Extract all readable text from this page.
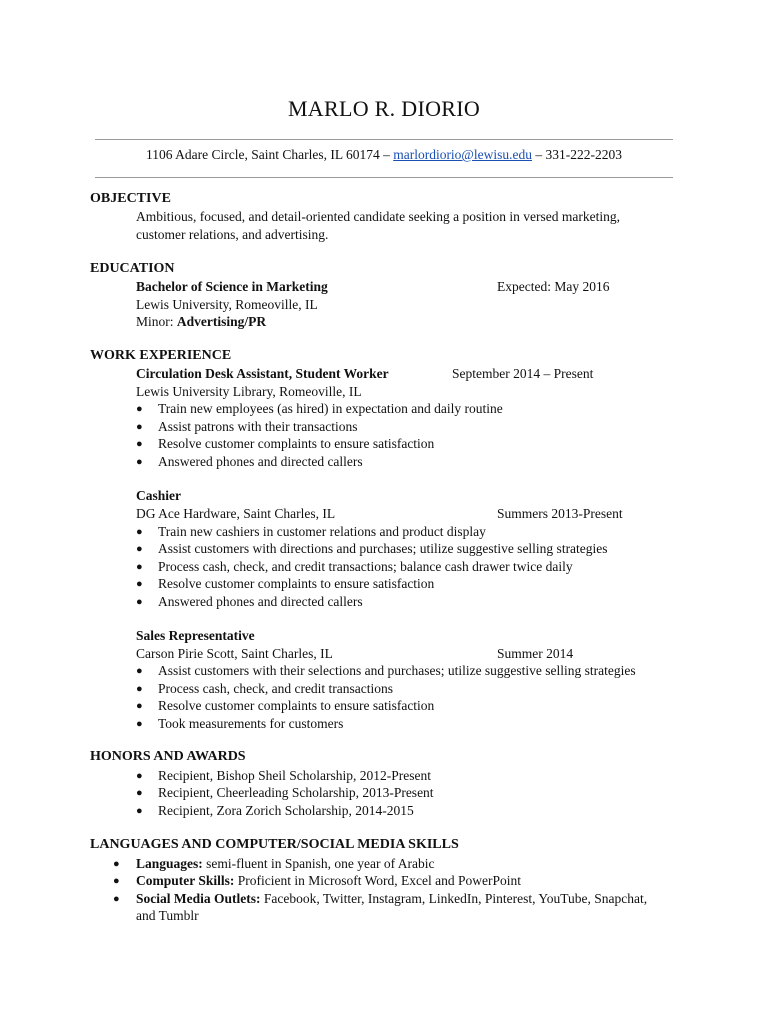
MARLO R. DIORIO
1106 Adare Circle, Saint Charles, IL 60174 – marlordiorio@lewisu.edu – 331-222-2203
OBJECTIVE
Ambitious, focused, and detail-oriented candidate seeking a position in versed marketing,
customer relations, and advertising.
EDUCATION
Bachelor of Science in Marketing	Expected: May 2016
Lewis University, Romeoville, IL
Minor: Advertising/PR
WORK EXPERIENCE
Circulation Desk Assistant, Student Worker	September 2014 – Present
Lewis University Library, Romeoville, IL
● Train new employees (as hired) in expectation and daily routine
● Assist patrons with their transactions
● Resolve customer complaints to ensure satisfaction
● Answered phones and directed callers
Cashier
Summers 2013-Present
DG Ace Hardware, Saint Charles, IL
● Train new cashiers in customer relations and product display
● Assist customers with directions and purchases; utilize suggestive selling strategies
● Process cash, check, and credit transactions; balance cash drawer twice daily
● Resolve customer complaints to ensure satisfaction
● Answered phones and directed callers
Sales Representative
Summer 2014
Carson Pirie Scott, Saint Charles, IL
● Assist customers with their selections and purchases; utilize suggestive selling strategies
● Process cash, check, and credit transactions
● Resolve customer complaints to ensure satisfaction
● Took measurements for customers
HONORS AND AWARDS
● Recipient, Bishop Sheil Scholarship, 2012-Present
● Recipient, Cheerleading Scholarship, 2013-Present
● Recipient, Zora Zorich Scholarship, 2014-2015
LANGUAGES AND COMPUTER/SOCIAL MEDIA SKILLS
● Languages: semi-fluent in Spanish, one year of Arabic
● Computer Skills: Proficient in Microsoft Word, Excel and PowerPoint
● Social Media Outlets: Facebook, Twitter, Instagram, LinkedIn, Pinterest, YouTube, Snapchat,
and Tumblr
